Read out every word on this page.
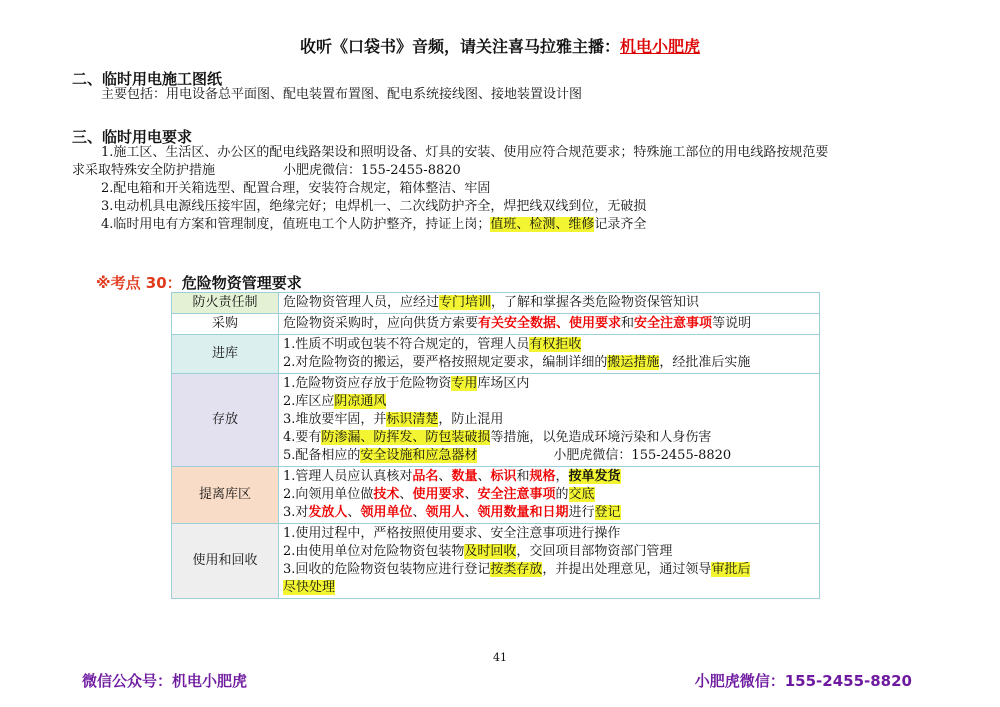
收听《口袋书》音频，请关注喜马拉雅主播：机电小肥虎
二、临时用电施工图纸
主要包括：用电设备总平面图、配电装置布置图、配电系统接线图、接地装置设计图
三、临时用电要求
1.施工区、生活区、办公区的配电线路架设和照明设备、灯具的安装、使用应符合规范要求；特殊施工部位的用电线路按规范要
求采取特殊安全防护措施	小肥虎微信：155-2455-8820
2.配电箱和开关箱选型、配置合理，安装符合规定，箱体整洁、牢固
3.电动机具电源线压接牢固，绝缘完好；电焊机一、二次线防护齐全，焊把线双线到位，无破损
4.临时用电有方案和管理制度，值班电工个人防护整齐，持证上岗；值班、检测、维修记录齐全
※考点 30：危险物资管理要求
防火责任制	危险物资管理人员，应经过专门培训，了解和掌握各类危险物资保管知识
采购	危险物资采购时，应向供货方索要有关安全数据、使用要求和安全注意事项等说明
进库	1.性质不明或包装不符合规定的，管理人员有权拒收
2.对危险物资的搬运，要严格按照规定要求，编制详细的搬运措施，经批准后实施

存放	1.危险物资应存放于危险物资专用库场区内
2.库区应阴凉通风
3.堆放要牢固，并标识清楚，防止混用
4.要有防渗漏、防挥发、防包装破损等措施，以免造成环境污染和人身伤害
5.配备相应的安全设施和应急器材 小肥虎微信：155-2455-8820

提离库区	1.管理人员应认真核对品名、数量、标识和规格，按单发货
2.向领用单位做技术、使用要求、安全注意事项的交底
3.对发放人、领用单位、领用人、领用数量和日期进行登记

使用和回收	1.使用过程中，严格按照使用要求、安全注意事项进行操作
2.由使用单位对危险物资包装物及时回收，交回项目部物资部门管理
3.回收的危险物资包装物应进行登记按类存放，并提出处理意见，通过领导审批后
尽快处理
41
微信公众号：机电小肥虎	小肥虎微信：155-2455-8820
